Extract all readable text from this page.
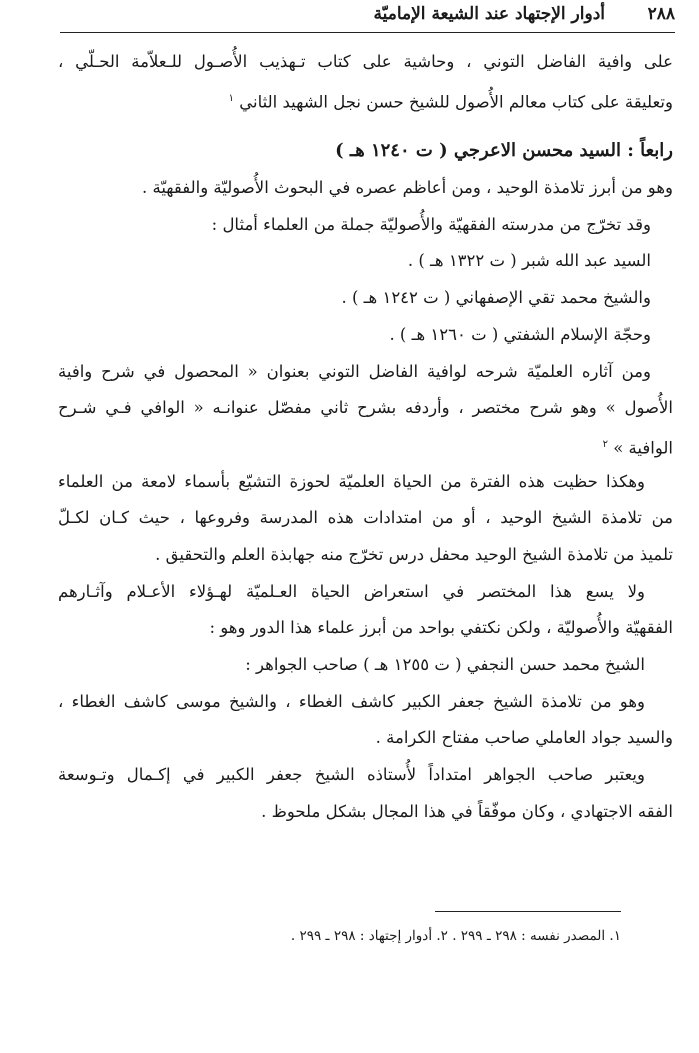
٢٨٨
أدوار الإجتهاد عند الشيعة الإماميّة
على وافية الفاضل التوني ، وحاشية على كتاب تـهذيب الأُصـول للـعلاّمة الحـلّي ،
وتعليقة على كتاب معالم الأُصول للشيخ حسن نجل الشهيد الثاني $^١$
رابعاً : السيد محسن الاعرجي ( ت ١٢٤٠ هـ )
وهو من أبرز تلامذة الوحيد ، ومن أعاظم عصره في البحوث الأُصوليّة والفقهيّة .
وقد تخرّج من مدرسته الفقهيّة والأُصوليّة جملة من العلماء أمثال :
السيد عبد الله شبر ( ت ١٣٢٢ هـ ) .
والشيخ محمد تقي الإصفهاني ( ت ١٢٤٢ هـ ) .
وحجّة الإسلام الشفتي ( ت ١٢٦٠ هـ ) .
ومن آثاره العلميّة شرحه لوافية الفاضل التوني بعنوان « المحصول في شرح وافية
الأُصول » وهو شرح مختصر ، وأردفه بشرح ثاني مفصّل عنوانـه « الوافي فـي شـرح
الوافية » $^٢$
وهكذا حظيت هذه الفترة من الحياة العلميّة لحوزة التشيّع بأسماء لامعة من العلماء
من تلامذة الشيخ الوحيد ، أو من امتدادات هذه المدرسة وفروعها ، حيث كـان لكـلّ
تلميذ من تلامذة الشيخ الوحيد محفل درس تخرّج منه جهابذة العلم والتحقيق .
ولا يسع هذا المختصر في استعراض الحياة العـلميّة لهـؤلاء الأعـلام وآثـارهم
الفقهيّة والأُصوليّة ، ولكن نكتفي بواحد من أبرز علماء هذا الدور وهو :
الشيخ محمد حسن النجفي ( ت ١٢٥٥ هـ ) صاحب الجواهر :
وهو من تلامذة الشيخ جعفر الكبير كاشف الغطاء ، والشيخ موسى كاشف الغطاء ،
والسيد جواد العاملي صاحب مفتاح الكرامة .
ويعتبر صاحب الجواهر امتداداً لأُستاذه الشيخ جعفر الكبير في إكـمال وتـوسعة
الفقه الاجتهادي ، وكان موفّقاً في هذا المجال بشكل ملحوظ .
١. المصدر نفسه : ٢٩٨ ـ ٢٩٩ . ٢. أدوار إجتهاد : ٢٩٨ ـ ٢٩٩ .
